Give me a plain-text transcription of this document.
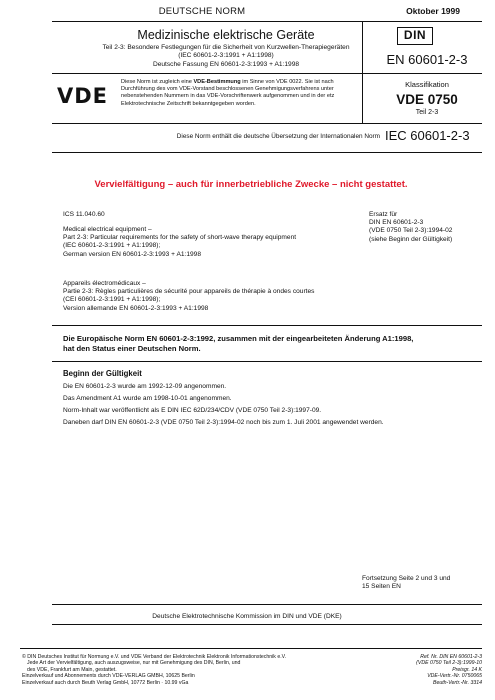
DEUTSCHE NORM	Oktober 1999
Medizinische elektrische Geräte
Teil 2-3: Besondere Festlegungen für die Sicherheit von Kurzwellen-Therapiegeräten
(IEC 60601-2-3:1991 + A1:1998)
Deutsche Fassung EN 60601-2-3:1993 + A1:1998
DIN
EN 60601-2-3
VDE
Diese Norm ist zugleich eine VDE-Bestimmung im Sinne von VDE 0022. Sie ist nach
Durchführung des vom VDE-Vorstand beschlossenen Genehmigungsverfahrens unter
nebenstehenden Nummern in das VDE-Vorschriftenwerk aufgenommen und in der etz
Elektrotechnische Zeitschrift bekanntgegeben worden.
Klassifikation
VDE 0750
Teil 2-3
Diese Norm enthält die deutsche Übersetzung der Internationalen Norm IEC 60601-2-3
Vervielfältigung – auch für innerbetriebliche Zwecke – nicht gestattet.
ICS 11.040.60	Ersatz für
DIN EN 60601-2-3
(VDE 0750 Teil 2-3):1994-02
(siehe Beginn der Gültigkeit)
Medical electrical equipment –
Part 2-3: Particular requirements for the safety of short-wave therapy equipment
(IEC 60601-2-3:1991 + A1:1998);
German version EN 60601-2-3:1993 + A1:1998
Appareils électromédicaux –
Partie 2-3: Règles particulières de sécurité pour appareils de thérapie à ondes courtes
(CEI 60601-2-3:1991 + A1:1998);
Version allemande EN 60601-2-3:1993 + A1:1998
Die Europäische Norm EN 60601-2-3:1992, zusammen mit der eingearbeiteten Änderung A1:1998,
hat den Status einer Deutschen Norm.
Beginn der Gültigkeit
Die EN 60601-2-3 wurde am 1992-12-09 angenommen.
Das Amendment A1 wurde am 1998-10-01 angenommen.
Norm-Inhalt war veröffentlicht als E DIN IEC 62D/234/CDV (VDE 0750 Teil 2-3):1997-09.
Daneben darf DIN EN 60601-2-3 (VDE 0750 Teil 2-3):1994-02 noch bis zum 1. Juli 2001 angewendet werden.
Fortsetzung Seite 2 und 3 und
15 Seiten EN
Deutsche Elektrotechnische Kommission im DIN und VDE (DKE)
© DIN Deutsches Institut für Normung e.V. und VDE Verband der Elektrotechnik Elektronik Informationstechnik e.V.
Jede Art der Vervielfältigung, auch auszugsweise, nur mit Genehmigung des DIN, Berlin, und
des VDE, Frankfurt am Main, gestattet.
Einzelverkauf und Abonnements durch VDE-VERLAG GMBH, 10625 Berlin
Einzelverkauf auch durch Beuth Verlag GmbH, 10772 Berlin · 10.99 vGa
Ref. Nr. DIN EN 60601-2-3
(VDE 0750 Teil 2-3):1999-10
Preisgr. 14 K
VDE-Vertr.-Nr. 0750065
Beuth-Vertr.-Nr. 3314
